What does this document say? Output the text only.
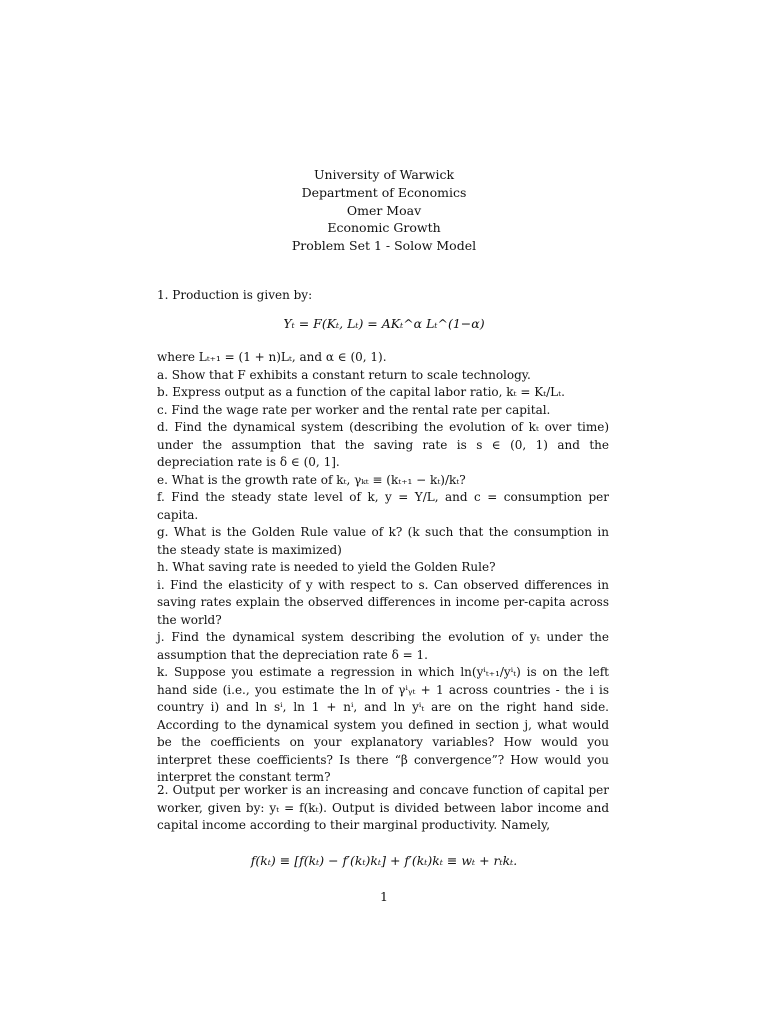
University of Warwick
Department of Economics
Omer Moav
Economic Growth
Problem Set 1 - Solow Model
1. Production is given by:
Yₜ = F(Kₜ, Lₜ) = AKₜ^α Lₜ^(1−α)
where Lₜ₊₁ = (1 + n)Lₜ, and α ∈ (0, 1).
a. Show that F exhibits a constant return to scale technology.
b. Express output as a function of the capital labor ratio, kₜ = Kₜ/Lₜ.
c. Find the wage rate per worker and the rental rate per capital.
d. Find the dynamical system (describing the evolution of kₜ over time) under the assumption that the saving rate is s ∈ (0, 1) and the depreciation rate is δ ∈ (0, 1].
e. What is the growth rate of kₜ, γₖₜ ≡ (kₜ₊₁ − kₜ)/kₜ?
f. Find the steady state level of k, y = Y/L, and c = consumption per capita.
g. What is the Golden Rule value of k? (k such that the consumption in the steady state is maximized)
h. What saving rate is needed to yield the Golden Rule?
i. Find the elasticity of y with respect to s. Can observed differences in saving rates explain the observed differences in income per-capita across the world?
j. Find the dynamical system describing the evolution of yₜ under the assumption that the depreciation rate δ = 1.
k. Suppose you estimate a regression in which ln(yⁱₜ₊₁/yⁱₜ) is on the left hand side (i.e., you estimate the ln of γⁱᵧₜ + 1 across countries - the i is country i) and ln sⁱ, ln 1 + nⁱ, and ln yⁱₜ are on the right hand side. According to the dynamical system you defined in section j, what would be the coefficients on your explanatory variables? How would you interpret these coefficients? Is there “β convergence”? How would you interpret the constant term?
2. Output per worker is an increasing and concave function of capital per worker, given by: yₜ = f(kₜ). Output is divided between labor income and capital income according to their marginal productivity. Namely,
f(kₜ) ≡ [f(kₜ) − f′(kₜ)kₜ] + f′(kₜ)kₜ ≡ wₜ + rₜkₜ.
1
